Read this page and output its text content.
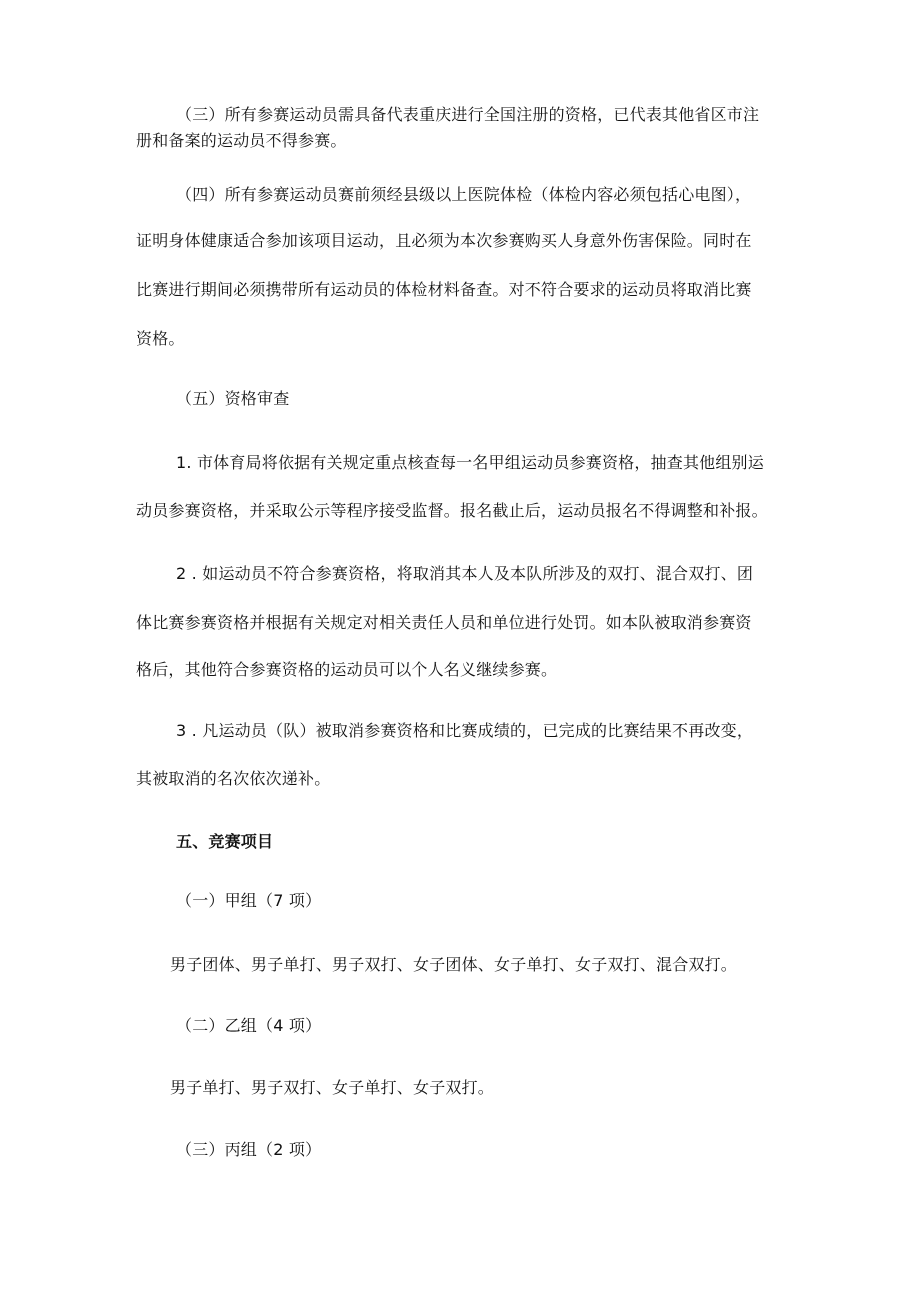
（三）所有参赛运动员需具备代表重庆进行全国注册的资格，已代表其他省区市注

册和备案的运动员不得参赛。

（四）所有参赛运动员赛前须经县级以上医院体检（体检内容必须包括心电图），

证明身体健康适合参加该项目运动，且必须为本次参赛购买人身意外伤害保险。同时在

比赛进行期间必须携带所有运动员的体检材料备查。对不符合要求的运动员将取消比赛

资格。

（五）资格审查

1. 市体育局将依据有关规定重点核查每一名甲组运动员参赛资格，抽查其他组别运

动员参赛资格，并采取公示等程序接受监督。报名截止后，运动员报名不得调整和补报。

2 . 如运动员不符合参赛资格，将取消其本人及本队所涉及的双打、混合双打、团

体比赛参赛资格并根据有关规定对相关责任人员和单位进行处罚。如本队被取消参赛资

格后，其他符合参赛资格的运动员可以个人名义继续参赛。

3 . 凡运动员（队）被取消参赛资格和比赛成绩的，已完成的比赛结果不再改变，

其被取消的名次依次递补。

五、竞赛项目

（一）甲组（7 项）

男子团体、男子单打、男子双打、女子团体、女子单打、女子双打、混合双打。

（二）乙组（4 项）

男子单打、男子双打、女子单打、女子双打。

（三）丙组（2 项）
